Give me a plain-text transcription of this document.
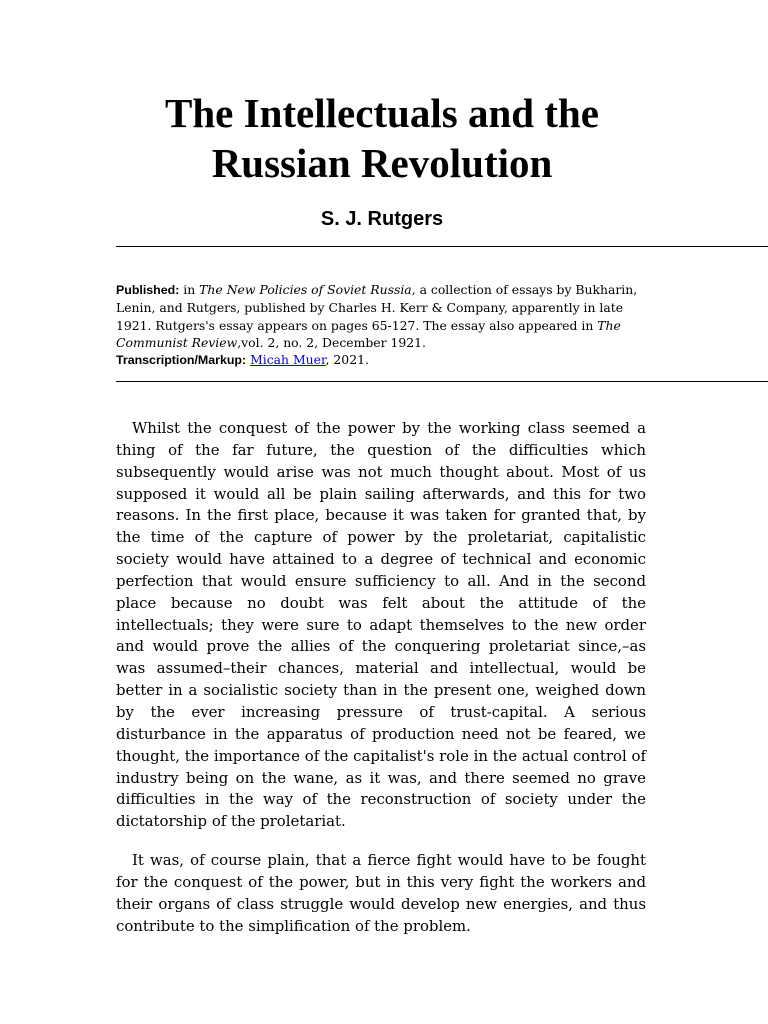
The Intellectuals and the
Russian Revolution

S. J. Rutgers

Published: in The New Policies of Soviet Russia, a collection of essays by Bukharin, Lenin, and Rutgers, published by Charles H. Kerr & Company, apparently in late 1921. Rutgers's essay appears on pages 65-127. The essay also appeared in The Communist Review,vol. 2, no. 2, December 1921.

Transcription/Markup: Micah Muer, 2021.

Whilst the conquest of the power by the working class seemed a thing of the far future, the question of the difficulties which subsequently would arise was not much thought about. Most of us supposed it would all be plain sailing afterwards, and this for two reasons. In the first place, because it was taken for granted that, by the time of the capture of power by the proletariat, capitalistic society would have attained to a degree of technical and economic perfection that would ensure sufficiency to all. And in the second place because no doubt was felt about the attitude of the intellectuals; they were sure to adapt themselves to the new order and would prove the allies of the conquering proletariat since,–as was assumed–their chances, material and intellectual, would be better in a socialistic society than in the present one, weighed down by the ever increasing pressure of trust-capital. A serious disturbance in the apparatus of production need not be feared, we thought, the importance of the capitalist's role in the actual control of industry being on the wane, as it was, and there seemed no grave difficulties in the way of the reconstruction of society under the dictatorship of the proletariat.

It was, of course plain, that a fierce fight would have to be fought for the conquest of the power, but in this very fight the workers and their organs of class struggle would develop new energies, and thus contribute to the simplification of the problem.
